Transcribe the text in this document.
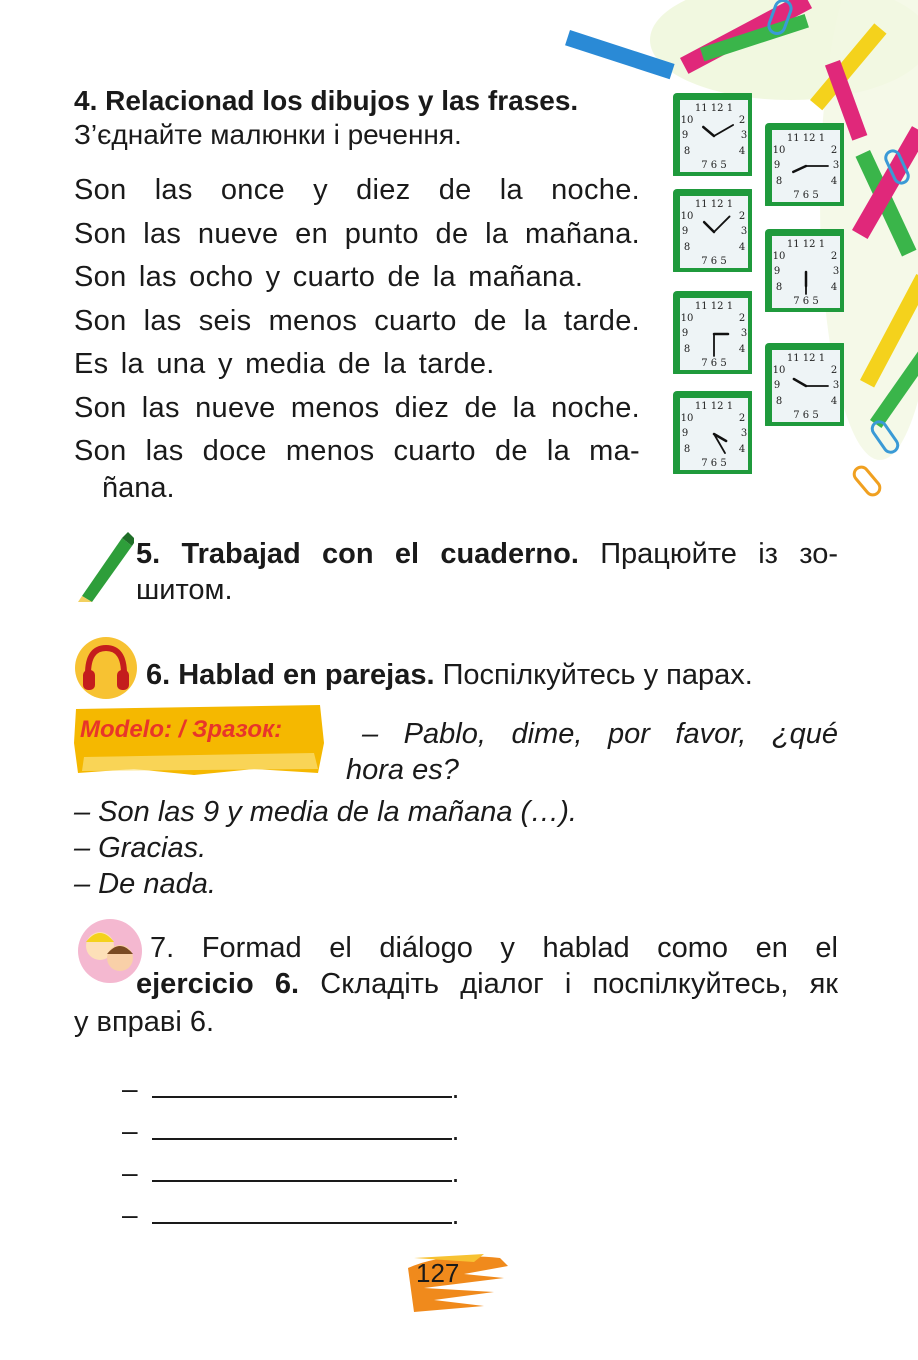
4. Relacionad los dibujos y las frases.
З’єднайте малюнки і речення.
Son las once y diez de la noche.
Son las nueve en punto de la mañana.
Son las ocho y cuarto de la mañana.
Son las seis menos cuarto de la tarde.
Es la una y media de la tarde.
Son las nueve menos diez de la noche.
Son las doce menos cuarto de la ma-
ñana.
11 12 1
10	2
9	3
8	4
7 6 5
11 12 1
10	2
9	3
8	4
7 6 5
11 12 1
10	2
9	3
8	4
7 6 5
11 12 1
10	2
9	3
8	4
7 6 5
11 12 1
10	2
9	3
8	4
7 6 5	11 12 1
10	2
9	3
8	4
7 6 5
11 12 1
10	2
9	3
8	4
7 6 5
5. Trabajad con el cuaderno. Працюйте із зо-
шитом.
6. Hablad en parejas. Поспілкуйтесь у парах.
Modelo: / Зразок:	– Pablo, dime, por favor, ¿qué
hora es?
– Son las 9 y media de la mañana (…).
– Gracias.
– De nada.
7. Formad el diálogo y hablad como en el
ejercicio 6. Складіть діалог і поспілкуйтесь, як
у вправі 6.
–	.
–	.
–	.
–	.
127
